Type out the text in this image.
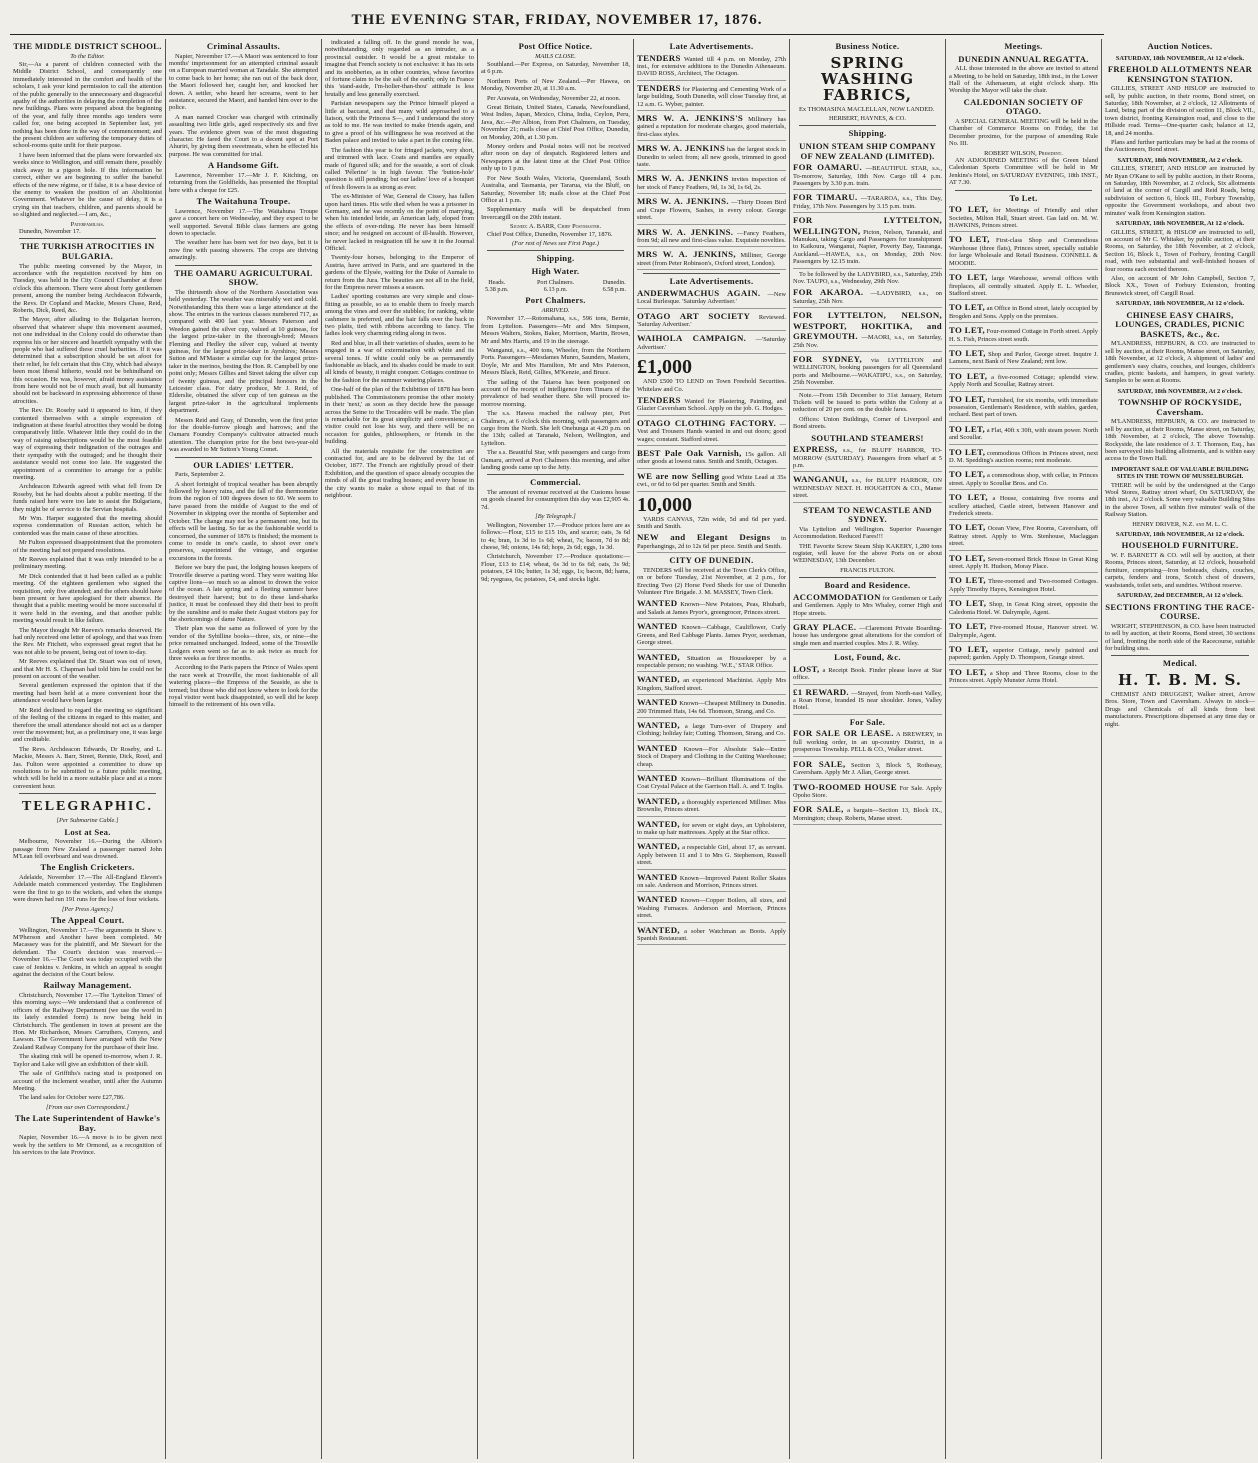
THE EVENING STAR, FRIDAY, NOVEMBER 17, 1876.
THE MIDDLE DISTRICT SCHOOL.
To the Editor.

Sir,—As a parent of children connected with the Middle District School, and consequently one immediately interested in the comfort and health of the scholars, I ask your kind permission to call the attention of the public generally to the unnecessary and disgraceful apathy of the authorities in delaying the completion of the new buildings. Plans were prepared about the beginning of the year, and fully three months ago tenders were called for, one being accepted in September last, yet nothing has been done in the way of commencement; and the present children are suffering the temporary duties of school-rooms quite unfit for their purpose.

I have been informed that the plans were forwarded six weeks since to Wellington, and still remain there, possibly stuck away in a pigeon hole. If this information be correct, either we are beginning to suffer the baneful effects of the new régime, or if false, it is a base device of the enemy to weaken the position of an Abolitionist Government. Whatever be the cause of delay, it is a crying sin that teachers, children, and parents should be so slighted and neglected.—I am, &c.,

Paterfamilias.

Dunedin, November 17.

THE TURKISH ATROCITIES IN BULGARIA.

The public meeting convened by the Mayor, in accordance with the requisition received by him on Tuesday, was held in the City Council Chamber at three o'clock this afternoon. There were about forty gentlemen present, among the number being Archdeacon Edwards, the Revs. Dr Copland and Mackie, Messrs Chase, Reid, Roberts, Dick, Reed, &c.

The Mayor, after alluding to the Bulgarian horrors, observed that whatever shape this movement assumed, not one individual in the Colony could do otherwise than express his or her sincere and heartfelt sympathy with the people who had suffered these cruel barbarities. If it was determined that a subscription should be set afoot for their relief, he felt certain that this City, which had always been most liberal hitherto, would not be behindhand on this occasion. He was, however, afraid money assistance from here would not be of much avail, but all humanity should not be backward in expressing abhorrence of these atrocities.

The Rev. Dr. Roseby said it appeared to him, if they contented themselves with a simple expression of indignation at these fearful atrocities they would be doing comparatively little. Whatever little they could do in the way of raising subscriptions would be the most feasible way of expressing their indignation of the outrages and their sympathy with the outraged; and he thought their assistance would not come too late. He suggested the appointment of a committee to arrange for a public meeting.

Archdeacon Edwards agreed with what fell from Dr Roseby, but he had doubts about a public meeting. If the funds raised here were too late to assist the Bulgarians, they might be of service to the Servian hospitals.

Mr Wm. Harper suggested that the meeting should express condemnation of Russian action, which he contended was the main cause of these atrocities.

Mr Fulton expressed disappointment that the promoters of the meeting had not prepared resolutions.

Mr Reeves explained that it was only intended to be a preliminary meeting.

Mr Dick contended that it had been called as a public meeting. Of the eighteen gentlemen who signed the requisition, only five attended; and the others should have been present or have apologised for their absence. He thought that a public meeting would be more successful if it were held in the evening, and that another public meeting would result in like failure.

The Mayor thought Mr Reeves's remarks deserved. He had only received one letter of apology, and that was from the Rev. Mr Fitchett, who expressed great regret that he was not able to be present, being out of town to-day.

Mr Reeves explained that Dr. Stuart was out of town, and that Mr H. S. Chapman had told him he could not be present on account of the weather.

Several gentlemen expressed the opinion that if the meeting had been held at a more convenient hour the attendance would have been larger.

Mr Reid declined to regard the meeting so significant of the feeling of the citizens in regard to this matter, and therefore the small attendance should not act as a damper over the movement; but, as a preliminary one, it was large and creditable.

The Revs. Archdeacon Edwards, Dr Roseby, and L. Mackie, Messrs A. Barr, Street, Rennie, Dick, Reed, and Jas. Fulton were appointed a committee to draw up resolutions to be submitted to a future public meeting, which will be held in a more suitable place and at a more convenient hour.

TELEGRAPHIC.
[Per Submarine Cable.]
Lost at Sea.

Melbourne, November 16.—During the Albion's passage from New Zealand a passenger named John M'Lean fell overboard and was drowned.

The English Cricketers.

Adelaide, November 17.—The All-England Eleven's Adelaide match commenced yesterday. The Englishmen were the first to go to the wickets, and when the stumps were drawn had run 191 runs for the loss of four wickets.

[Per Press Agency.]
The Appeal Court.

Wellington, November 17.—The arguments in Shaw v. M'Pherson and Another have been completed. Mr Macassey was for the plaintiff, and Mr Stewart for the defendant. The Court's decision was reserved.—November 16.—The Court was today occupied with the case of Jenkins v. Jenkins, in which an appeal is sought against the decision of the Court below.

Railway Management.

Christchurch, November 17.—The 'Lyttelton Times' of this morning says:—We understand that a conference of officers of the Railway Department (we use the word in its lately extended form) is now being held in Christchurch. The gentlemen in town at present are the Hon. Mr Richardson, Messrs Carruthers, Conyers, and Lawson. The Government have arranged with the New Zealand Railway Company for the purchase of their line.

The skating rink will be opened to-morrow, when J. R. Taylor and Lake will give an exhibition of their skill.

The sale of Griffiths's racing stud is postponed on account of the inclement weather, until after the Autumn Meeting.

The land sales for October were £27,786.

[From our own Correspondent.]
The Late Superintendent of Hawke's Bay.

Napier, November 16.—A move is to be given next week by the settlers to Mr Ormond, as a recognition of his services to the late Province.

Criminal Assaults.

Napier, November 17.—A Maori was sentenced to four months' imprisonment for an attempted criminal assault on a European married woman at Taradale. She attempted to come back to her home; she ran out of the back door, the Maori followed her, caught her, and knocked her down. A settler, who heard her screams, went to her assistance, secured the Maori, and handed him over to the police.

A man named Crocker was charged with criminally assaulting two little girls, aged respectively six and five years. The evidence given was of the most disgusting character. He fared the Court to a decent spot at Port Ahuriri, by giving them sweetmeats, when he effected his purpose. He was committed for trial.

A Handsome Gift.

Lawrence, November 17.—Mr J. F. Kitching, on returning from the Goldfields, has presented the Hospital here with a cheque for £25.

The Waitahuna Troupe.

Lawrence, November 17.—The Waitahuna Troupe gave a concert here on Wednesday, and they expect to be well supported. Several Bible class farmers are going down to spectacle.

The weather here has been wet for two days, but it is now fine with passing showers. The crops are thriving amazingly.

THE OAMARU AGRICULTURAL SHOW.

The thirteenth show of the Northern Association was held yesterday. The weather was miserably wet and cold. Notwithstanding this there was a large attendance at the show. The entries in the various classes numbered 717, as compared with 400 last year. Messrs Paterson and Weedon gained the silver cup, valued at 10 guineas, for the largest prize-taker in the thorough-bred; Messrs Fleming and Hedley the silver cup, valued at twenty guineas, for the largest prize-taker in Ayrshires; Messrs Sutton and M'Master a similar cup for the largest prize-taker in the merinos, besting the Hon. R. Campbell by one point only; Messrs Gillies and Street taking the silver cup of twenty guineas, and the principal honours in the Leicester class. For dairy produce, Mr J. Reid, of Elderslie, obtained the silver cup of ten guineas as the largest prize-taker in the agricultural implements department.

Messrs Reid and Gray, of Dunedin, won the first prize for the double-furrow plough and harrows; and the Oamaru Foundry Company's cultivator attracted much attention. The champion prize for the best two-year-old was awarded to Mr Sutton's Young Comet.

OUR LADIES' LETTER.

Paris, September 2.

A short fortnight of tropical weather has been abruptly followed by heavy rains, and the fall of the thermometer from the region of 100 degrees down to 60. We seem to have passed from the middle of August to the end of November in skipping over the months of September and October. The change may not be a permanent one, but its effects will be lasting. So far as the fashionable world is concerned, the summer of 1876 is finished; the moment is come to reside in one's castle, to shoot over one's preserves, superintend the vintage, and organise excursions in the forests.

Before we bury the past, the lodging houses keepers of Trouville deserve a parting word. They were waiting like captive lions—so much so as almost to drown the voice of the ocean. A late spring and a fleeting summer have destroyed their harvest; but to do these land-sharks justice, it must be confessed they did their best to profit by the sunshine and to make their August visitors pay for the shortcomings of dame Nature.

Their plan was the same as followed of yore by the vendor of the Sybilline books—three, six, or nine—the price remained unchanged. Indeed, some of the Trouville Lodgers even went so far as to ask twice as much for three weeks as for three months.

According to the Paris papers the Prince of Wales spent the race week at Trouville, the most fashionable of all watering places—the Empress of the Seaside, as she is termed; but those who did not know where to look for the royal visitor went back disappointed, so well did he keep himself to the retirement of his own villa.

indicated a falling off. In the grand monde he was, notwithstanding, only regarded as an intruder, as a provincial outsider. It would be a great mistake to imagine that French society is not exclusive: it has its sets and its snobberies, as in other countries, whose favorites of fortune claim to be the salt of the earth; only in France this 'stand-aside, I'm-holier-than-thou' attitude is less brutally and less generally exercised.

Parisian newspapers say the Prince himself played a little at baccarat, and that many wild approached to a liaison, with the Princess S—, and I understand the story as told to me. He was invited to make friends again, and to give a proof of his willingness he was received at the Baden palace and invited to take a part in the coming féte.

The fashion this year is for fringed jackets, very short, and trimmed with lace. Coats and mantles are equally made of figured silk; and for the seaside, a sort of cloak called 'Pélerine' is in high favour. The 'button-hole' question is still pending; but our ladies' love of a bouquet of fresh flowers is as strong as ever.

The ex-Minister of War, General de Cissey, has fallen upon hard times. His wife died when he was a prisoner in Germany, and he was recently on the point of marrying, when his intended bride, an American lady, eloped from the effects of over-riding. He never has been himself since; and he resigned on account of ill-health. However, he never lacked in resignation till he saw it in the Journal Officiel.

Twenty-four horses, belonging to the Emperor of Austria, have arrived in Paris, and are quartered in the gardens of the Elysée, waiting for the Duke of Aumale to return from the Jura. The beauties are not all in the field, for the Empress never misses a season.

Ladies' sporting costumes are very simple and close-fitting as possible, so as to enable them to freely march among the vines and over the stubbles; for ranking, white cashmere is preferred, and the hair falls over the back in two plaits, tied with ribbons according to fancy. The ladies look very charming riding along in twos.

Red and blue, in all their varieties of shades, seem to be engaged in a war of extermination with white and its several tones. If white could only be as permanently fashionable as black, and its shades could be made to suit all kinds of beauty, it might conquer. Cottages continue to be the fashion for the summer watering places.

One-half of the plan of the Exhibition of 1878 has been published. The Commissioners promise the other moiety in their 'next,' as soon as they decide how the passage across the Seine to the Trocadéro will be made. The plan is remarkable for its great simplicity and convenience; a visitor could not lose his way, and there will be no occasion for guides, philosophers, or friends in the building.

All the materials requisite for the construction are contracted for, and are to be delivered by the 1st of October, 1877. The French are rightfully proud of their Exhibition, and the question of space already occupies the minds of all the great trading houses; and every house in the city wants to make a show equal to that of its neighbour.

Post Office Notice.
MAILS CLOSE.

Southland.—Per Express, on Saturday, November 18, at 6 p.m.

Northern Ports of New Zealand.—Per Hawea, on Monday, November 20, at 11.30 a.m.

Per Arawata, on Wednesday, November 22, at noon.

Great Britain, United States, Canada, Newfoundland, West Indies, Japan, Mexico, China, India, Ceylon, Peru, Java, &c.—Per Albion, from Port Chalmers, on Tuesday, November 21; mails close at Chief Post Office, Dunedin, on Monday, 20th, at 1.30 p.m.

Money orders and Postal notes will not be received after noon on day of despatch. Registered letters and Newspapers at the latest time at the Chief Post Office only up to 1 p.m.

For New South Wales, Victoria, Queensland, South Australia, and Tasmania, per Tararua, via the Bluff, on Saturday, November 18; mails close at the Chief Post Office at 1 p.m.

Supplementary mails will be despatched from Invercargill on the 20th instant.

Signed: A. BARR, Chief Postmaster.

Chief Post Office, Dunedin, November 17, 1876.

(For rest of News see First Page.)
Shipping.
High Water.
Heads.
5.38 p.m.
Port Chalmers.
6.13 p.m.
Dunedin.
6.58 p.m.
Port Chalmers.
ARRIVED.

November 17.—Rotomahana, s.s., 596 tons, Bernie, from Lyttelton. Passengers—Mr and Mrs Simpson, Messrs Walters, Stokes, Baker, Morrison, Martin, Brown, Mr and Mrs Harris, and 19 in the steerage.

Wanganui, s.s., 400 tons, Wheeler, from the Northern Ports. Passengers—Mesdames Munro, Saunders, Masters, Doyle, Mr and Mrs Hamilton, Mr and Mrs Paterson, Messrs Black, Reid, Gillies, M'Kenzie, and Bruce.

The sailing of the Taiaroa has been postponed on account of the receipt of intelligence from Timaru of the prevalence of bad weather there. She will proceed to-morrow morning.

The s.s. Hawea reached the railway pier, Port Chalmers, at 6 o'clock this morning, with passengers and cargo from the North. She left Onehunga at 4.20 p.m. on the 13th; called at Taranaki, Nelson, Wellington, and Lyttelton.

The s.s. Beautiful Star, with passengers and cargo from Oamaru, arrived at Port Chalmers this morning, and after landing goods came up to the Jetty.

Commercial.

The amount of revenue received at the Customs house on goods cleared for consumption this day was £2,905 4s. 7d.

[By Telegraph.]

Wellington, November 17.—Produce prices here are as follows:—Flour, £15 to £15 10s, and scarce; oats, 3s 6d to 4s; bran, 1s 3d to 1s 6d; wheat, 7s; bacon, 7d to 8d; cheese, 9d; onions, 14s 6d; hops, 2s 6d; eggs, 1s 3d.

Christchurch, November 17.—Produce quotations:—Flour, £13 to £14; wheat, 6s 3d to 6s 6d; oats, 3s 9d; potatoes, £4 10s; butter, 1s 3d; eggs, 1s; bacon, 8d; hams, 9d; ryegrass, 6s; potatoes, £4, and stocks light.

Late Advertisements.
TENDERS Wanted till 4 p.m. on Monday, 27th inst., for extensive additions to the Dunedin Athenaeum. DAVID ROSS, Architect, The Octagon.
TENDERS for Plastering and Cementing Work of a large building, South Dunedin, will close Tuesday first, at 12 a.m. G. Wyber, painter.
MRS W. A. JENKINS'S Millinery has gained a reputation for moderate charges, good materials, first-class styles.
MRS W. A. JENKINS has the largest stock in Dunedin to select from; all new goods, trimmed in good taste.
MRS W. A. JENKINS invites inspection of her stock of Fancy Feathers, 9d, 1s 3d, 1s 6d, 2s.
MRS W. A. JENKINS. —Thirty Dozen Bird and Crape Flowers, Sashes, in every colour. George street.
MRS W. A. JENKINS. —Fancy Feathers, from 9d; all new and first-class value. Exquisite novelties.
MRS W. A. JENKINS, Milliner, George street (from Peter Robinson's, Oxford street, London).
Late Advertisements.
ANDERWMACHUS AGAIN. —New Local Burlesque. 'Saturday Advertiser.'
OTAGO ART SOCIETY Reviewed. 'Saturday Advertiser.'
WAIHOLA CAMPAIGN. —'Saturday Advertiser.'
£1,000

AND £500 TO LEND on Town Freehold Securities. Whitelaw and Co.

TENDERS Wanted for Plastering, Painting, and Glazier Caversham School. Apply on the job. G. Hodges.
OTAGO CLOTHING FACTORY. —Vest and Trousers Hands wanted in and out doors; good wages; constant. Stafford street.
BEST Pale Oak Varnish, 15s gallon. All other goods at lowest rates. Smith and Smith, Octagon.
WE are now Selling good White Lead at 35s cwt., or 6d to 6d per quarter. Smith and Smith.
10,000

YARDS CANVAS, 72in wide, 5d and 6d per yard. Smith and Smith.

NEW and Elegant Designs in Paperhangings, 2d to 12s 6d per piece. Smith and Smith.
CITY OF DUNEDIN.

TENDERS will be received at the Town Clerk's Office, on or before Tuesday, 21st November, at 2 p.m., for Erecting Two (2) Horse Feed Sheds for use of Dunedin Volunteer Fire Brigade. J. M. MASSEY, Town Clerk.

WANTED Known—New Potatoes, Peas, Rhubarb, and Salads at James Pryor's, greengrocer, Princes street.
WANTED Known—Cabbage, Cauliflower, Curly Greens, and Red Cabbage Plants. James Pryor, seedsman, George street.
WANTED, Situation as Housekeeper by a respectable person; no washing. 'W.E.,' STAR Office.
WANTED, an experienced Machinist. Apply Mrs Kingdom, Stafford street.
WANTED Known—Cheapest Millinery in Dunedin. 200 Trimmed Hats, 14s 6d. Thomson, Strang, and Co.
WANTED, a large Turn-over of Drapery and Clothing; holiday fair; Cutting. Thomson, Strang, and Co.
WANTED Known—For Absolute Sale—Entire Stock of Drapery and Clothing in the Cutting Warehouse; cheap.
WANTED Known—Brilliant Illuminations of the Coat Crystal Palace at the Garrison Hall. A. and T. Inglis.
WANTED, a thoroughly experienced Milliner. Miss Brownlie, Princes street.
WANTED, for seven or eight days, an Upholsterer, to make up hair mattresses. Apply at the Star office.
WANTED, a respectable Girl, about 17, as servant. Apply between 11 and 1 to Mrs G. Stephenson, Russell street.
WANTED Known—Improved Patent Roller Skates on sale. Anderson and Morrison, Princes street.
WANTED Known—Copper Boilers, all sizes, and Washing Furnaces. Anderson and Morrison, Princes street.
WANTED, a sober Watchman as Boots. Apply Spanish Restaurant.
Business Notice.
SPRING WASHING FABRICS,

Ex THOMASINA MACLELLAN, NOW LANDED.

HERBERT, HAYNES, & CO.
Shipping.
UNION STEAM SHIP COMPANY OF NEW ZEALAND (LIMITED).
FOR OAMARU. —BEAUTIFUL STAR, s.s., To-morrow, Saturday, 18th Nov. Cargo till 4 p.m. Passengers by 3.30 p.m. train.
FOR TIMARU. —TARAROA, s.s., This Day, Friday, 17th Nov. Passengers by 3.15 p.m. train.
FOR LYTTELTON, WELLINGTON, Picton, Nelson, Taranaki, and Manukau, taking Cargo and Passengers for transhipment to Kaikoura, Wanganui, Napier, Poverty Bay, Tauranga, Auckland.—HAWEA, s.s., on Monday, 20th Nov. Passengers by 12.15 train.

To be followed by the LADYBIRD, s.s., Saturday, 25th Nov. TAUPO, s.s., Wednesday, 29th Nov.

FOR AKAROA. —LADYBIRD, s.s., on Saturday, 25th Nov.
FOR LYTTELTON, NELSON, WESTPORT, HOKITIKA, and GREYMOUTH. —MAORI, s.s., on Saturday, 25th Nov.
FOR SYDNEY, via LYTTELTON and WELLINGTON, booking passengers for all Queensland ports and Melbourne.—WAKATIPU, s.s., on Saturday, 25th November.

Note.—From 15th December to 31st January, Return Tickets will be issued to ports within the Colony at a reduction of 20 per cent. on the double fares.

Offices: Union Buildings, Corner of Liverpool and Bond streets.

SOUTHLAND STEAMERS!
EXPRESS, s.s., for BLUFF HARBOR, TO-MORROW (SATURDAY). Passengers from wharf at 5 p.m.
WANGANUI, s.s., for BLUFF HARBOR, ON WEDNESDAY NEXT. H. HOUGHTON & CO., Manse street.
STEAM TO NEWCASTLE AND SYDNEY.

Via Lyttelton and Wellington. Superior Passenger Accommodation. Reduced Fares!!!

THE Favorite Screw Steam Ship KAKERY, 1,280 tons register, will leave for the above Ports on or about WEDNESDAY, 13th December.

FRANCIS FULTON.
Board and Residence.
ACCOMMODATION for Gentlemen or Lady and Gentlemen. Apply to Mrs Whaley, corner High and Hope streets.
GRAY PLACE. —Claremont Private Boarding-house has undergone great alterations for the comfort of single men and married couples. Mrs J. R. Wiley.
Lost, Found, &c.
LOST, a Receipt Book. Finder please leave at Star office.
£1 REWARD. —Strayed, from North-east Valley, a Roan Horse, branded IS near shoulder. Jones, Valley Hotel.
For Sale.
FOR SALE OR LEASE. A BREWERY, in full working order, in an up-country District, in a prosperous Township. PELL & CO., Walker street.
FOR SALE, Section 3, Block 5, Rothesay, Caversham. Apply Mr J. Allan, George street.
TWO-ROOMED HOUSE For Sale. Apply Opoho Store.
FOR SALE, a bargain—Section 13, Block IX., Mornington; cheap. Roberts, Manse street.
Meetings.
DUNEDIN ANNUAL REGATTA.

ALL those interested in the above are invited to attend a Meeting, to be held on Saturday, 18th inst., in the Lower Hall of the Athenaeum, at eight o'clock sharp. His Worship the Mayor will take the chair.

CALEDONIAN SOCIETY OF OTAGO.

A SPECIAL GENERAL MEETING will be held in the Chamber of Commerce Rooms on Friday, the 1st December proximo, for the purpose of amending Rule No. III.

ROBERT WILSON, President.

AN ADJOURNED MEETING of the Green Island Caledonian Sports Committee will be held in Mr Jenkins's Hotel, on SATURDAY EVENING, 18th INST., AT 7.30.

To Let.
TO LET, for Meetings of Friendly and other Societies, Milton Hall, Stuart street. Gas laid on. M. W. HAWKINS, Princes street.
TO LET, First-class Shop and Commodious Warehouse (three flats), Princes street, specially suitable for large Wholesale and Retail Business. CONNELL & MOODIE.
TO LET, large Warehouse, several offices with fireplaces, all centrally situated. Apply E. L. Wheeler, Stafford street.
TO LET, an Office in Bond street, lately occupied by Brogden and Sons. Apply on the premises.
TO LET, Four-roomed Cottage in Forth street. Apply H. S. Fish, Princes street south.
TO LET, Shop and Parlor, George street. Inquire J. Lamens, next Bank of New Zealand; rent low.
TO LET, a five-roomed Cottage; splendid view. Apply North and Scoullar, Rattray street.
TO LET, Furnished, for six months, with immediate possession, Gentleman's Residence, with stables, garden, orchard. Best part of town.
TO LET, a Flat, 40ft x 30ft, with steam power. North and Scoullar.
TO LET, commodious Offices in Princes street, next D. M. Spedding's auction rooms; rent moderate.
TO LET, a commodious shop, with cellar, in Princes street. Apply to Scoullar Bros. and Co.
TO LET, a House, containing five rooms and scullery attached, Castle street, between Hanover and Frederick streets.
TO LET, Ocean View, Five Rooms, Caversham, off Rattray street. Apply to Wm. Stenhouse, Maclaggan street.
TO LET, Seven-roomed Brick House in Great King street. Apply H. Hudson, Moray Place.
TO LET, Three-roomed and Two-roomed Cottages. Apply Timothy Hayes, Kensington Hotel.
TO LET, Shop, in Great King street, opposite the Caledonia Hotel. W. Dalrymple, Agent.
TO LET, Five-roomed House, Hanover street. W. Dalrymple, Agent.
TO LET, superior Cottage, newly painted and papered; garden. Apply D. Thompson, Grange street.
TO LET, a Shop and Three Rooms, close to the Princes street. Apply Munster Arms Hotel.
Auction Notices.
SATURDAY, 18th NOVEMBER, At 12 o'clock.
FREEHOLD ALLOTMENTS NEAR KENSINGTON STATION.

GILLIES, STREET AND HISLOP are instructed to sell, by public auction, in their rooms, Bond street, on Saturday, 18th November, at 2 o'clock, 12 Allotments of Land, being part of the division of section 11, Block VII., town district, fronting Kensington road, and close to the Hillside road. Terms—One-quarter cash; balance at 12, 18, and 24 months.

Plans and further particulars may be had at the rooms of the Auctioneers, Bond street.

SATURDAY, 18th NOVEMBER, At 2 o'clock.

GILLIES, STREET, AND HISLOP are instructed by Mr Ryan O'Kane to sell by public auction, in their Rooms, on Saturday, 18th November, at 2 o'clock, Six allotments of land at the corner of Cargill and Reid Roads, being subdivision of section 6, block III., Forbury Township, opposite the Government workshops, and about two minutes' walk from Kensington station.

SATURDAY, 18th NOVEMBER, At 12 o'clock.

GILLIES, STREET, & HISLOP are instructed to sell, on account of Mr C. Whitaker, by public auction, at their Rooms, on Saturday, the 18th November, at 2 o'clock, Section 16, Block I., Town of Forbury, fronting Cargill road, with two substantial and well-finished houses of four rooms each erected thereon.

Also, on account of Mr John Campbell, Section 7, Block XX., Town of Forbury Extension, fronting Brunswick street, off Cargill Road.

SATURDAY, 18th NOVEMBER, At 12 o'clock.
CHINESE EASY CHAIRS, LOUNGES, CRADLES, PICNIC BASKETS, &c., &c.

M'LANDRESS, HEPBURN, & CO. are instructed to sell by auction, at their Rooms, Manse street, on Saturday, 18th November, at 12 o'clock, A shipment of ladies' and gentlemen's easy chairs, couches, and lounges, children's cradles, picnic baskets, and hampers, in great variety. Samples to be seen at Rooms.

SATURDAY, 18th NOVEMBER, At 2 o'clock.
TOWNSHIP OF ROCKYSIDE, Caversham.

M'LANDRESS, HEPBURN, & CO. are instructed to sell by auction, at their Rooms, Manse street, on Saturday, 18th November, at 2 o'clock, The above Township. Rockyside, the late residence of J. T. Thomson, Esq., has been surveyed into building allotments, and is within easy access to the Town Hall.

IMPORTANT SALE OF VALUABLE BUILDING SITES IN THE TOWN OF MUSSELBURGH.

THERE will be sold by the undersigned at the Cargo Wool Stores, Rattray street wharf, On SATURDAY, the 18th inst., At 2 o'clock. Some very valuable Building Sites in the above Town, all within five minutes' walk of the Railway Station.

HENRY DRIVER, N.Z. and M. L. C.
SATURDAY, 18th NOVEMBER, At 12 o'clock.
HOUSEHOLD FURNITURE.

W. F. BARNETT & CO. will sell by auction, at their Rooms, Princes street, Saturday, at 12 o'clock, household furniture, comprising—Iron bedsteads, chairs, couches, carpets, fenders and irons, Scotch chest of drawers, washstands, toilet sets, and sundries. Without reserve.

SATURDAY, 2nd DECEMBER, At 12 o'clock.
SECTIONS FRONTING THE RACE-COURSE.

WRIGHT, STEPHENSON, & CO. have been instructed to sell by auction, at their Rooms, Bond street, 30 sections of land, fronting the north side of the Racecourse, suitable for building sites.

Medical.
H. T. B. M. S.

CHEMIST AND DRUGGIST, Walker street, Arrow Bros. Store, Town and Caversham. Always in stock—Drugs and Chemicals of all kinds from best manufacturers. Prescriptions dispensed at any time day or night.
